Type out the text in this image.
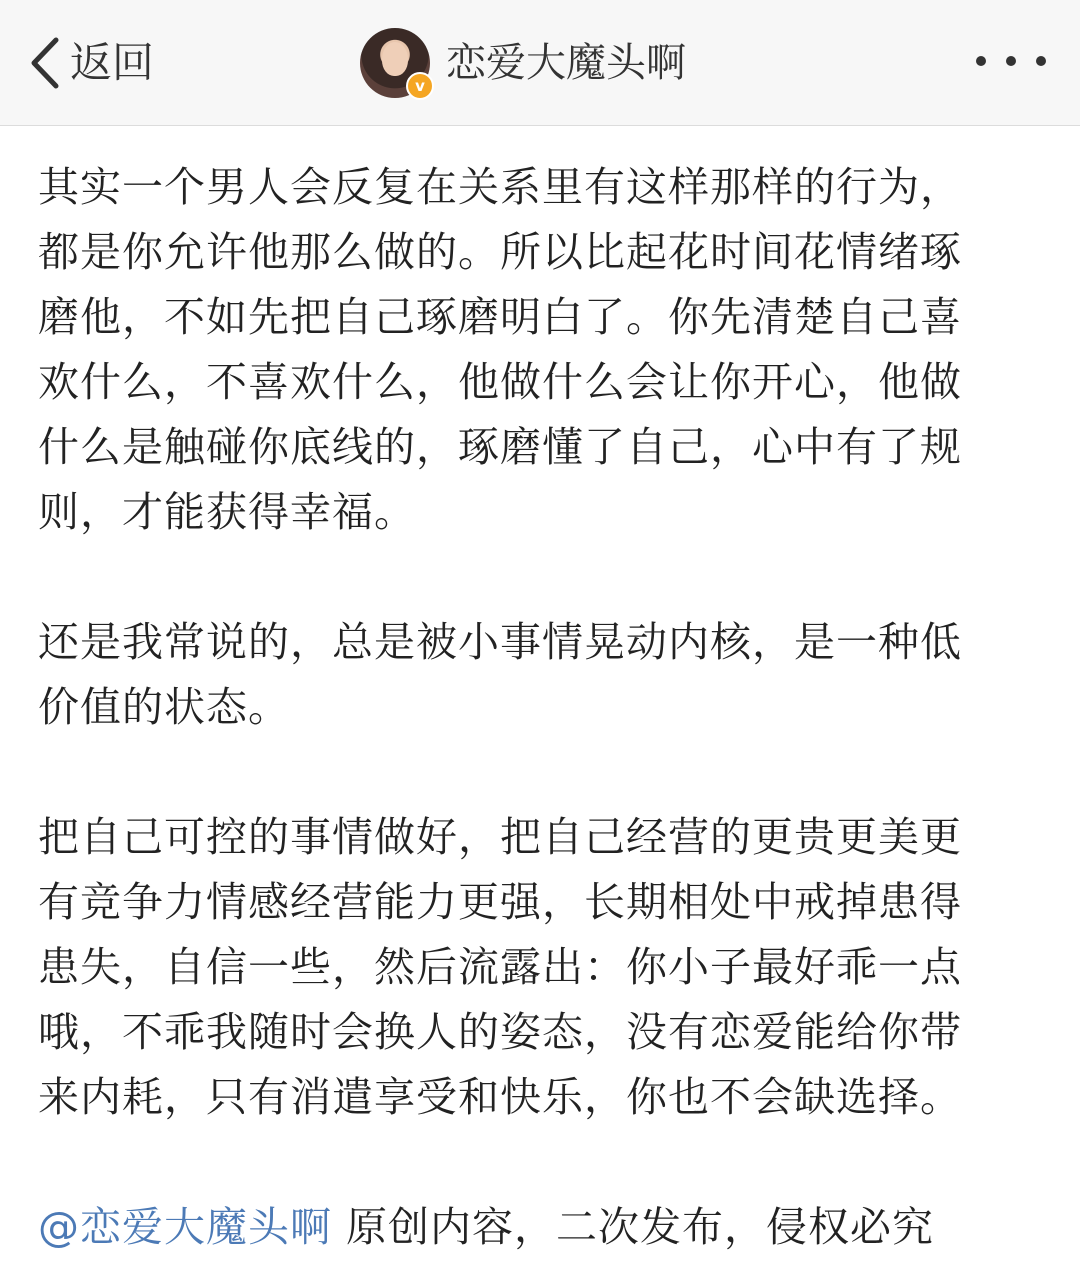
返回	v 恋爱大魔头啊

其实一个男人会反复在关系里有这样那样的行为，
都是你允许他那么做的。所以比起花时间花情绪琢
磨他，不如先把自己琢磨明白了。你先清楚自己喜
欢什么，不喜欢什么，他做什么会让你开心，他做
什么是触碰你底线的，琢磨懂了自己，心中有了规
则，才能获得幸福。

还是我常说的，总是被小事情晃动内核，是一种低
价值的状态。

把自己可控的事情做好，把自己经营的更贵更美更
有竞争力情感经营能力更强，长期相处中戒掉患得
患失，自信一些，然后流露出：你小子最好乖一点
哦，不乖我随时会换人的姿态，没有恋爱能给你带
来内耗，只有消遣享受和快乐，你也不会缺选择。

@恋爱大魔头啊 原创内容，二次发布，侵权必究
